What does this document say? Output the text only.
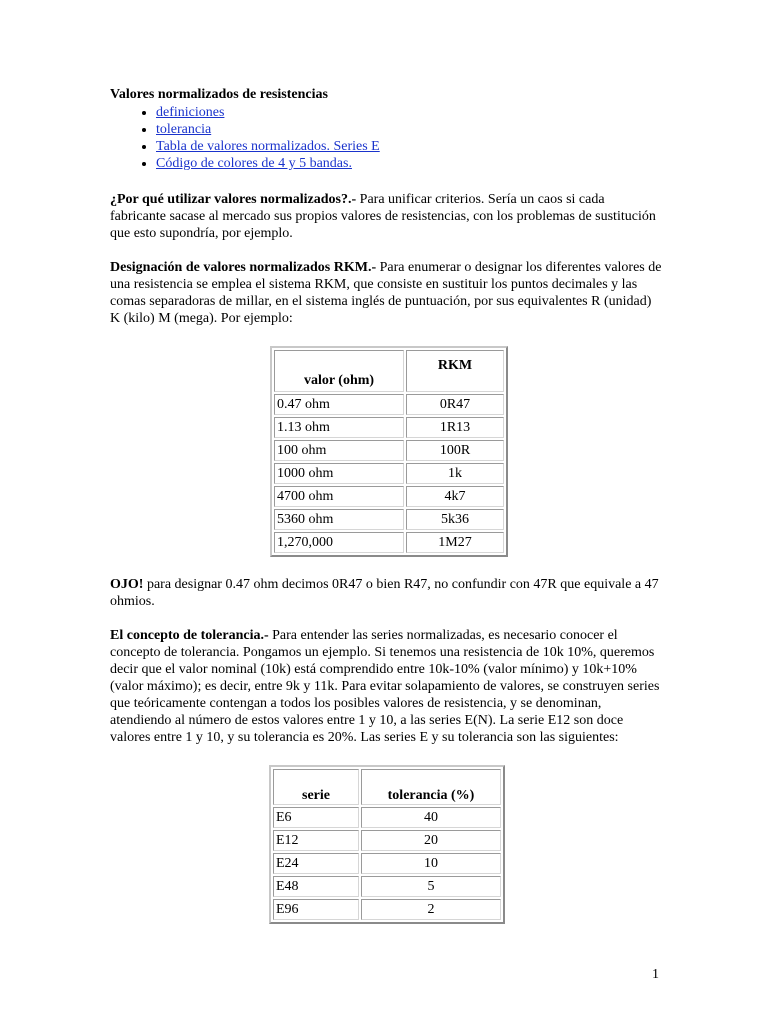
Valores normalizados de resistencias

• definiciones
• tolerancia
• Tabla de valores normalizados. Series E
• Código de colores de 4 y 5 bandas.

¿Por qué utilizar valores normalizados?.- Para unificar criterios. Sería un caos si cada fabricante sacase al mercado sus propios valores de resistencias, con los problemas de sustitución que esto supondría, por ejemplo.

Designación de valores normalizados RKM.- Para enumerar o designar los diferentes valores de una resistencia se emplea el sistema RKM, que consiste en sustituir los puntos decimales y las comas separadoras de millar, en el sistema inglés de puntuación, por sus equivalentes R (unidad) K (kilo) M (mega). Por ejemplo:

valor (ohm)	RKM
0.47 ohm	0R47
1.13 ohm	1R13
100 ohm	100R
1000 ohm	1k
4700 ohm	4k7
5360 ohm	5k36
1,270,000	1M27

OJO! para designar 0.47 ohm decimos 0R47 o bien R47, no confundir con 47R que equivale a 47 ohmios.

El concepto de tolerancia.- Para entender las series normalizadas, es necesario conocer el concepto de tolerancia. Pongamos un ejemplo. Si tenemos una resistencia de 10k 10%, queremos decir que el valor nominal (10k) está comprendido entre 10k-10% (valor mínimo) y 10k+10% (valor máximo); es decir, entre 9k y 11k. Para evitar solapamiento de valores, se construyen series que teóricamente contengan a todos los posibles valores de resistencia, y se denominan, atendiendo al número de estos valores entre 1 y 10, a las series E(N). La serie E12 son doce valores entre 1 y 10, y su tolerancia es 20%. Las series E y su tolerancia son las siguientes:

serie	tolerancia (%)
E6	40
E12	20
E24	10
E48	5
E96	2
1
